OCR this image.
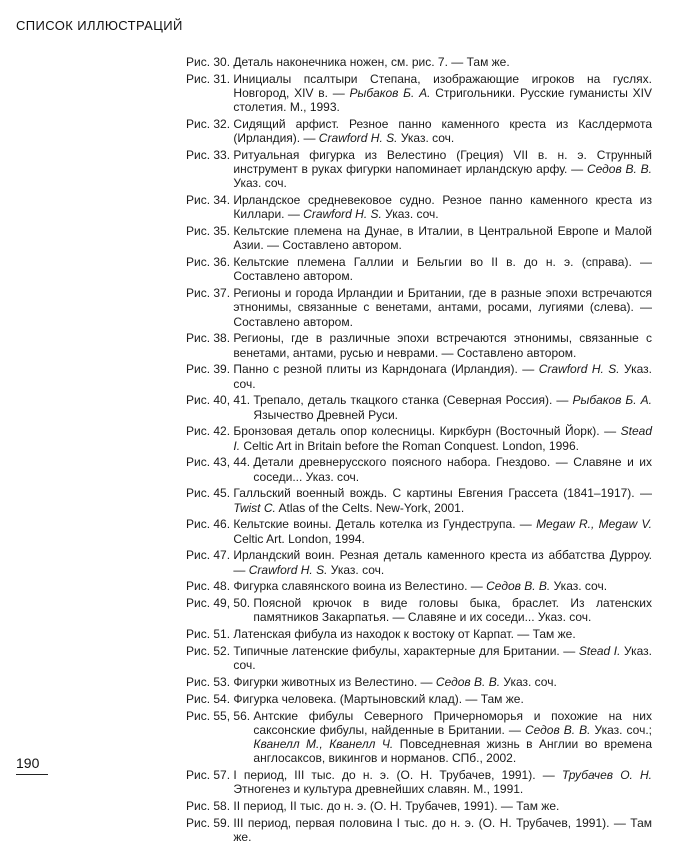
СПИСОК ИЛЛЮСТРАЦИЙ
Рис. 30.
Деталь наконечника ножен, см. рис. 7. — Там же.
Рис. 31.
Инициалы псалтыри Степана, изображающие игроков на гуслях. Новгород, XIV в. — Рыбаков Б. А. Стригольники. Русские гуманисты XIV столетия. М., 1993.
Рис. 32.
Сидящий арфист. Резное панно каменного креста из Каслдермота (Ирландия). — Crawford H. S. Указ. соч.
Рис. 33.
Ритуальная фигурка из Велестино (Греция) VII в. н. э. Струнный инструмент в руках фигурки напоминает ирландскую арфу. — Седов В. В. Указ. соч.
Рис. 34.
Ирландское средневековое судно. Резное панно каменного креста из Киллари. — Crawford H. S. Указ. соч.
Рис. 35.
Кельтские племена на Дунае, в Италии, в Центральной Европе и Малой Азии. — Составлено автором.
Рис. 36.
Кельтские племена Галлии и Бельгии во II в. до н. э. (справа). — Составлено автором.
Рис. 37.
Регионы и города Ирландии и Британии, где в разные эпохи встречаются этнонимы, связанные с венетами, антами, росами, лугиями (слева). — Составлено автором.
Рис. 38.
Регионы, где в различные эпохи встречаются этнонимы, связанные с венетами, антами, русью и неврами. — Составлено автором.
Рис. 39.
Панно с резной плиты из Карндонага (Ирландия). — Crawford H. S. Указ. соч.
Рис. 40, 41.
Трепало, деталь ткацкого станка (Северная Россия). — Рыбаков Б. А. Язычество Древней Руси.
Рис. 42.
Бронзовая деталь опор колесницы. Киркбурн (Восточный Йорк). — Stead I. Celtic Art in Britain before the Roman Conquest. London, 1996.
Рис. 43, 44.
Детали древнерусского поясного набора. Гнездово. — Славяне и их соседи... Указ. соч.
Рис. 45.
Галльский военный вождь. С картины Евгения Грассета (1841–1917). — Twist C. Atlas of the Celts. New-York, 2001.
Рис. 46.
Кельтские воины. Деталь котелка из Гундеструпа. — Megaw R., Megaw V. Celtic Art. London, 1994.
Рис. 47.
Ирландский воин. Резная деталь каменного креста из аббатства Дурроу. — Crawford H. S. Указ. соч.
Рис. 48.
Фигурка славянского воина из Велестино. — Седов В. В. Указ. соч.
Рис. 49, 50.
Поясной крючок в виде головы быка, браслет. Из латенских памятников Закарпатья. — Славяне и их соседи... Указ. соч.
Рис. 51.
Латенская фибула из находок к востоку от Карпат. — Там же.
Рис. 52.
Типичные латенские фибулы, характерные для Британии. — Stead I. Указ. соч.
Рис. 53.
Фигурки животных из Велестино. — Седов В. В. Указ. соч.
Рис. 54.
Фигурка человека. (Мартыновский клад). — Там же.
Рис. 55, 56.
Антские фибулы Северного Причерноморья и похожие на них саксонские фибулы, найденные в Британии. — Седов В. В. Указ. соч.; Кванелл М., Кванелл Ч. Повседневная жизнь в Англии во времена англосаксов, викингов и норманов. СПб., 2002.
Рис. 57.
I период, III тыс. до н. э. (О. Н. Трубачев, 1991). — Трубачев О. Н. Этногенез и культура древнейших славян. М., 1991.
Рис. 58.
II период, II тыс. до н. э. (О. Н. Трубачев, 1991). — Там же.
Рис. 59.
III период, первая половина I тыс. до н. э. (О. Н. Трубачев, 1991). — Там же.
190
